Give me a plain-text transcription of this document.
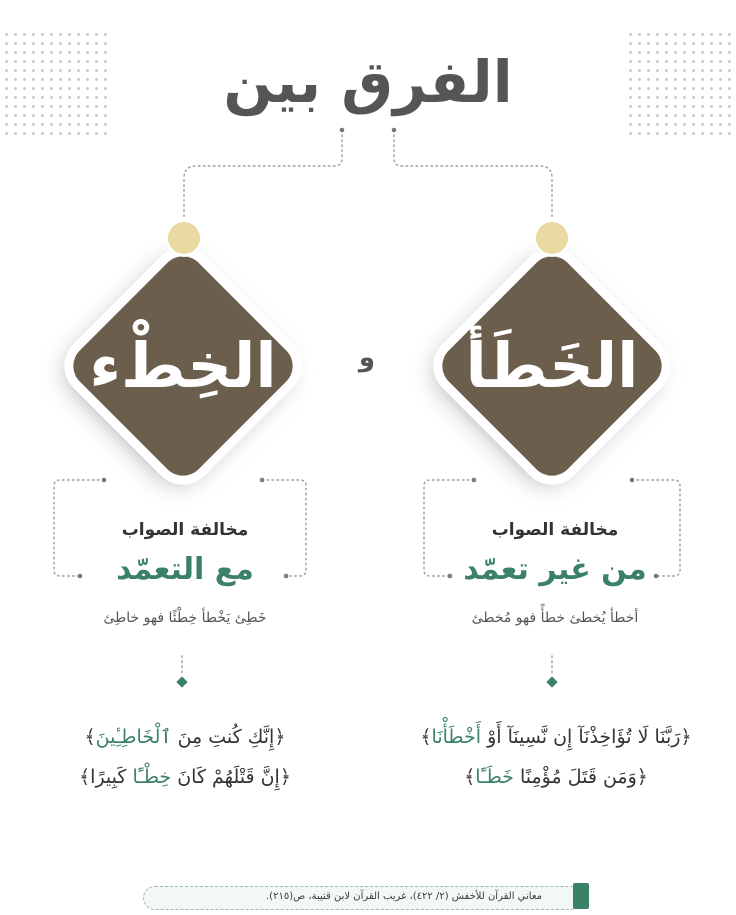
الفرق بين
الخِطْء	الخَطَأ
و
مخالفة الصواب
مع التعمّد
خَطِئ يَخْطأ خِطْئًا فهو خاطِئ
مخالفة الصواب
من غير تعمّد
أخطأ يُخطئ خطأً فهو مُخطئ
﴿إِنَّكِ كُنتِ مِنَ ٱلْخَاطِـِٔينَ﴾
﴿إِنَّ قَتْلَهُمْ كَانَ خِطْـًٔا كَبِيرًا﴾
﴿رَبَّنَا لَا تُؤَاخِذْنَآ إِن نَّسِينَآ أَوْ أَخْطَأْنَا﴾
﴿وَمَن قَتَلَ مُؤْمِنًا خَطَـًٔا﴾
معاني القرآن للأخفش (٢/ ٤٢٢)، غريب القرآن لابن قتيبة، ص(٢١٥).
